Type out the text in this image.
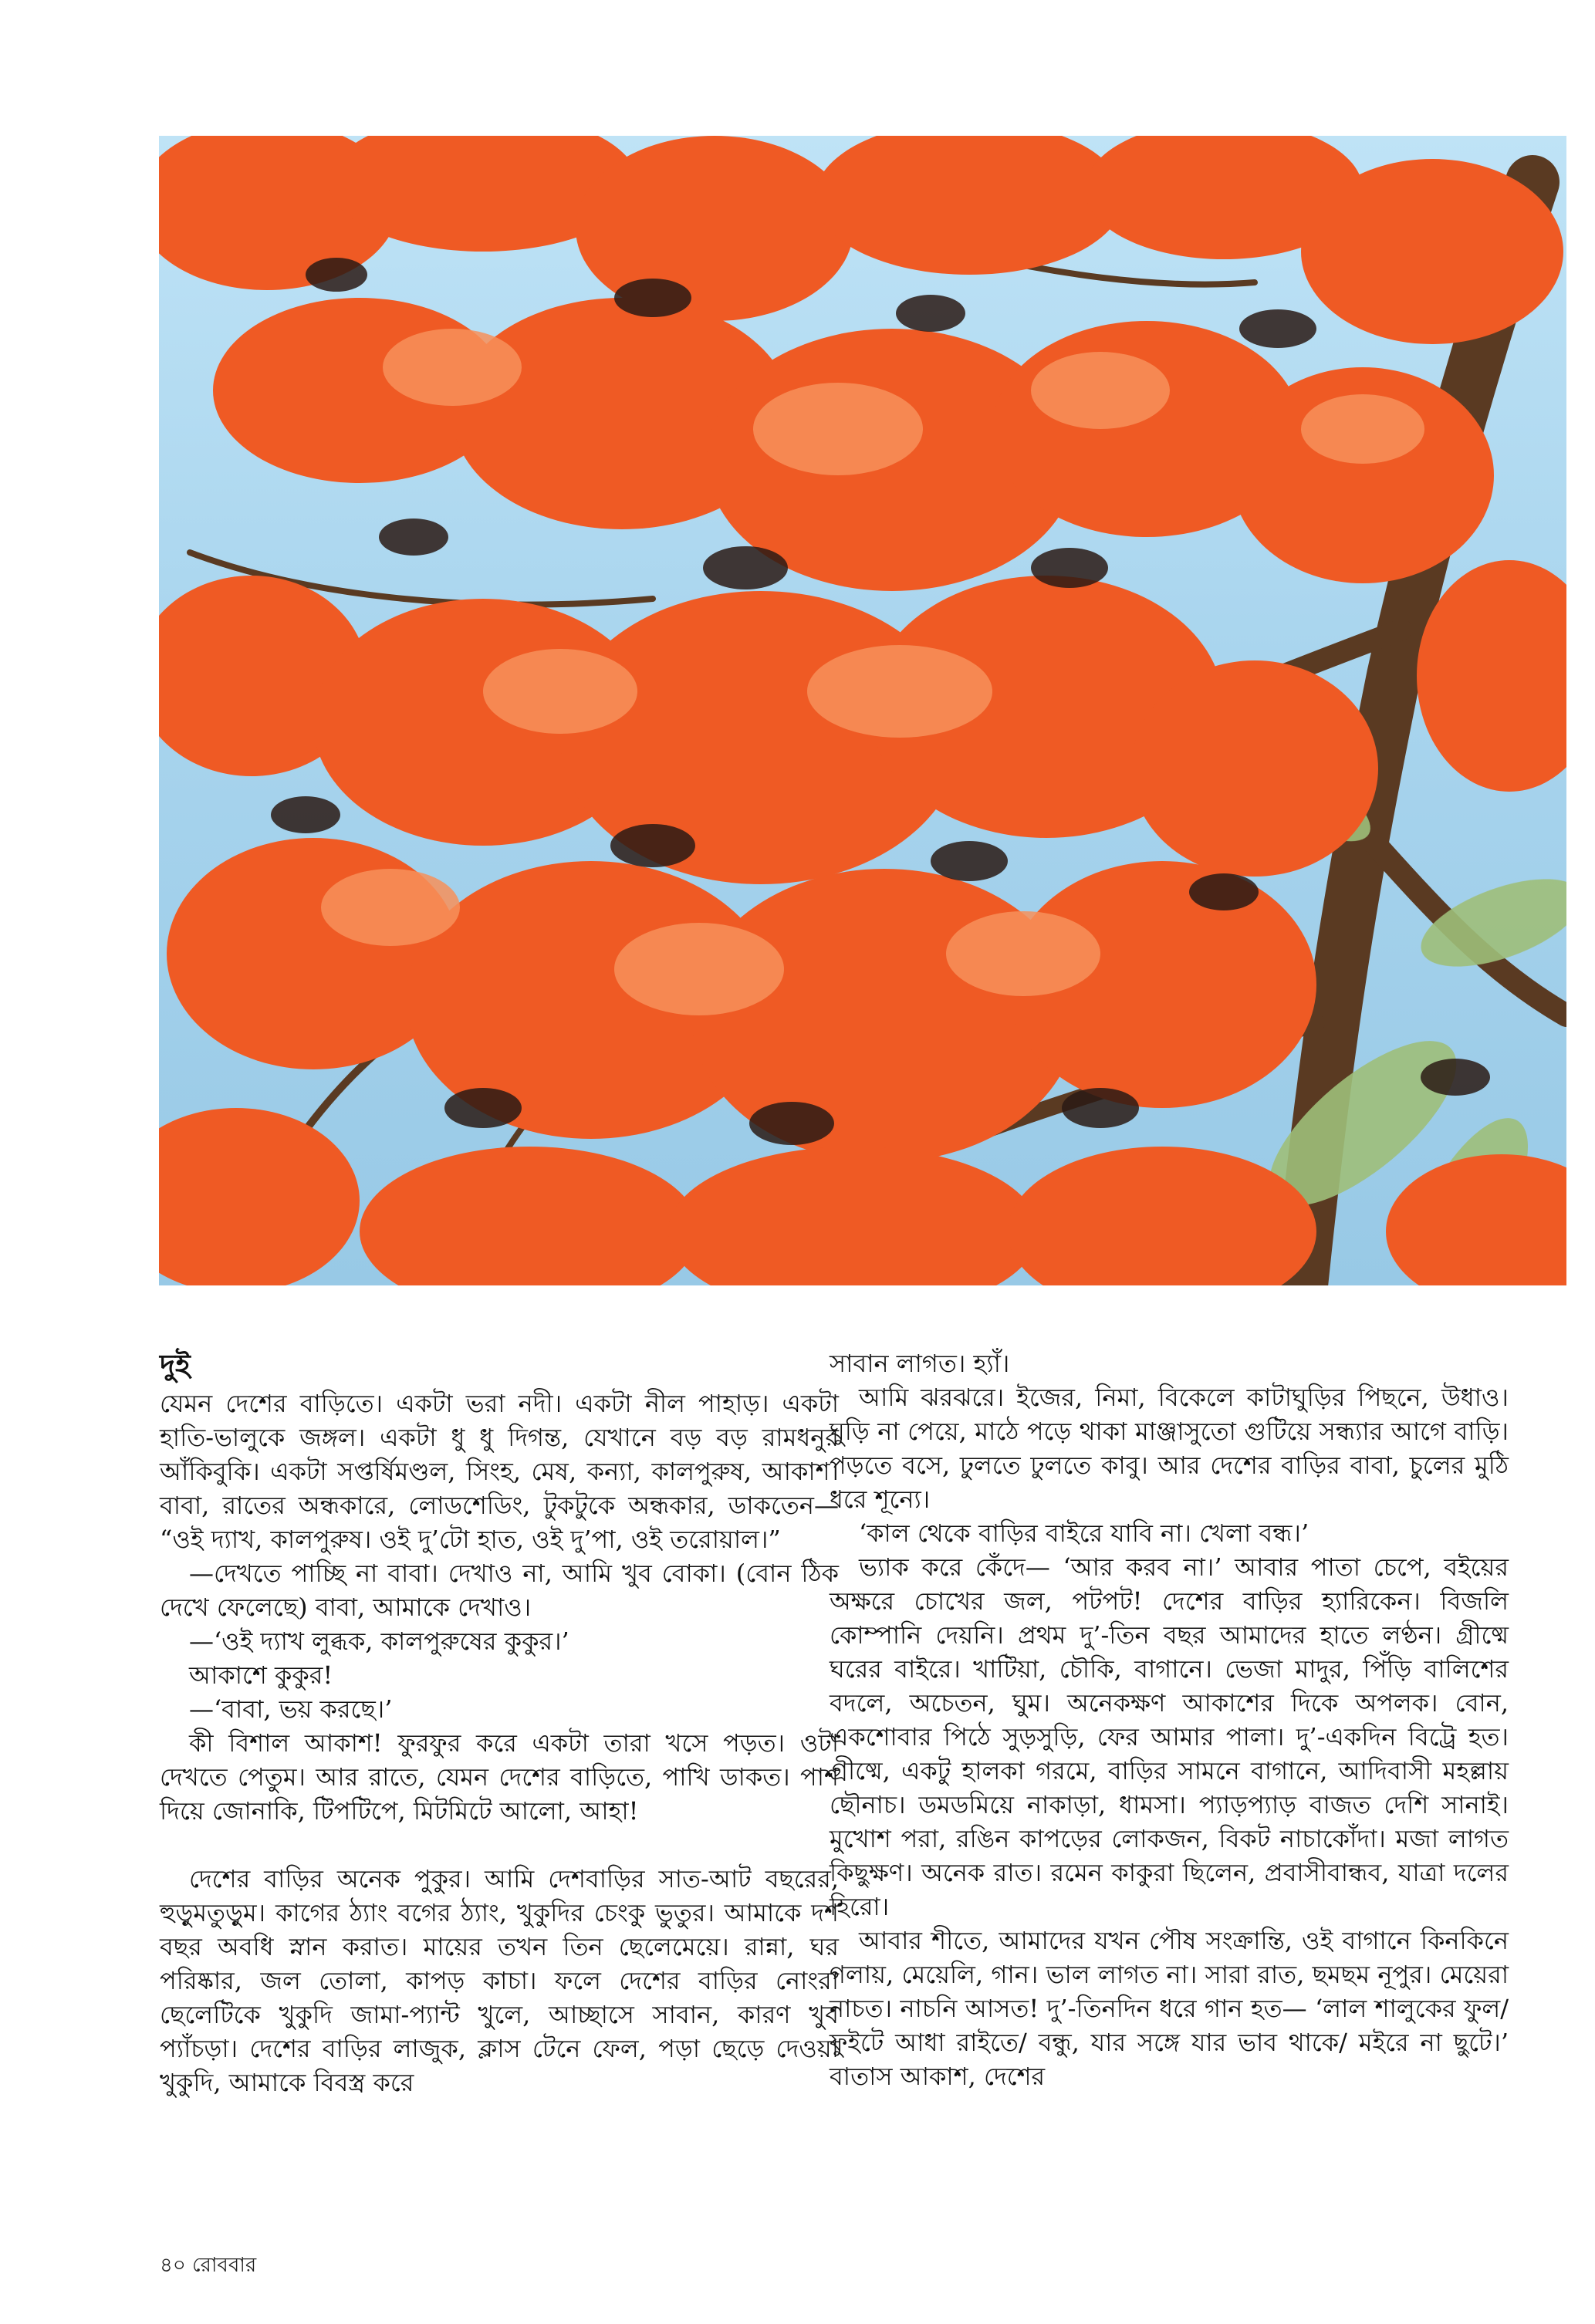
দুই

যেমন দেশের বাড়িতে। একটা ভরা নদী। একটা নীল পাহাড়। একটা হাতি-ভালুকে জঙ্গল। একটা ধু ধু দিগন্ত, যেখানে বড় বড় রামধনুর আঁকিবুকি। একটা সপ্তর্ষিমণ্ডল, সিংহ, মেষ, কন্যা, কালপুরুষ, আকাশ। বাবা, রাতের অন্ধকারে, লোডশেডিং, টুকটুকে অন্ধকার, ডাকতেন— “ওই দ্যাখ, কালপুরুষ। ওই দু’টো হাত, ওই দু’পা, ওই তরোয়াল।”

—দেখতে পাচ্ছি না বাবা। দেখাও না, আমি খুব বোকা। (বোন ঠিক দেখে ফেলেছে) বাবা, আমাকে দেখাও।

—‘ওই দ্যাখ লুব্ধক, কালপুরুষের কুকুর।’

আকাশে কুকুর!

—‘বাবা, ভয় করছে।’

কী বিশাল আকাশ! ফুরফুর করে একটা তারা খসে পড়ত। ওটা দেখতে পেতুম। আর রাতে, যেমন দেশের বাড়িতে, পাখি ডাকত। পাশ দিয়ে জোনাকি, টিপটিপে, মিটমিটে আলো, আহা!

দেশের বাড়ির অনেক পুকুর। আমি দেশবাড়ির সাত-আট বছরের, হুড়ুমতুড়ুম। কাগের ঠ্যাং বগের ঠ্যাং, খুকুদির চেংকু ভুতুর। আমাকে দশ বছর অবধি স্নান করাত। মায়ের তখন তিন ছেলেমেয়ে। রান্না, ঘর পরিষ্কার, জল তোলা, কাপড় কাচা। ফলে দেশের বাড়ির নোংরা ছেলেটিকে খুকুদি জামা-প্যান্ট খুলে, আচ্ছাসে সাবান, কারণ খুব প্যাঁচড়া। দেশের বাড়ির লাজুক, ক্লাস টেনে ফেল, পড়া ছেড়ে দেওয়া খুকুদি, আমাকে বিবস্ত্র করে

সাবান লাগত। হ্যাঁ।

আমি ঝরঝরে। ইজের, নিমা, বিকেলে কাটাঘুড়ির পিছনে, উধাও। ঘুড়ি না পেয়ে, মাঠে পড়ে থাকা মাঞ্জাসুতো গুটিয়ে সন্ধ্যার আগে বাড়ি। পড়তে বসে, ঢুলতে ঢুলতে কাবু। আর দেশের বাড়ির বাবা, চুলের মুঠি ধরে শূন্যে।

‘কাল থেকে বাড়ির বাইরে যাবি না। খেলা বন্ধ।’

ভ্যাক করে কেঁদে— ‘আর করব না।’ আবার পাতা চেপে, বইয়ের অক্ষরে চোখের জল, পটপট! দেশের বাড়ির হ্যারিকেন। বিজলি কোম্পানি দেয়নি। প্রথম দু’-তিন বছর আমাদের হাতে লণ্ঠন। গ্রীষ্মে ঘরের বাইরে। খাটিয়া, চৌকি, বাগানে। ভেজা মাদুর, পিঁড়ি বালিশের বদলে, অচেতন, ঘুম। অনেকক্ষণ আকাশের দিকে অপলক। বোন, একশোবার পিঠে সুড়সুড়ি, ফের আমার পালা। দু’-একদিন বিট্রে হত। গ্রীষ্মে, একটু হালকা গরমে, বাড়ির সামনে বাগানে, আদিবাসী মহল্লায় ছৌনাচ। ডমডমিয়ে নাকাড়া, ধামসা। প্যাড়প্যাড় বাজত দেশি সানাই। মুখোশ পরা, রঙিন কাপড়ের লোকজন, বিকট নাচাকোঁদা। মজা লাগত কিছুক্ষণ। অনেক রাত। রমেন কাকুরা ছিলেন, প্রবাসীবান্ধব, যাত্রা দলের হিরো।

আবার শীতে, আমাদের যখন পৌষ সংক্রান্তি, ওই বাগানে কিনকিনে গলায়, মেয়েলি, গান। ভাল লাগত না। সারা রাত, ছমছম নূপুর। মেয়েরা নাচত। নাচনি আসত! দু’-তিনদিন ধরে গান হত— ‘লাল শালুকের ফুল/ ফুইটে আধা রাইতে/ বন্ধু, যার সঙ্গে যার ভাব থাকে/ মইরে না ছুটে।’ বাতাস আকাশ, দেশের

৪০ রোববার
